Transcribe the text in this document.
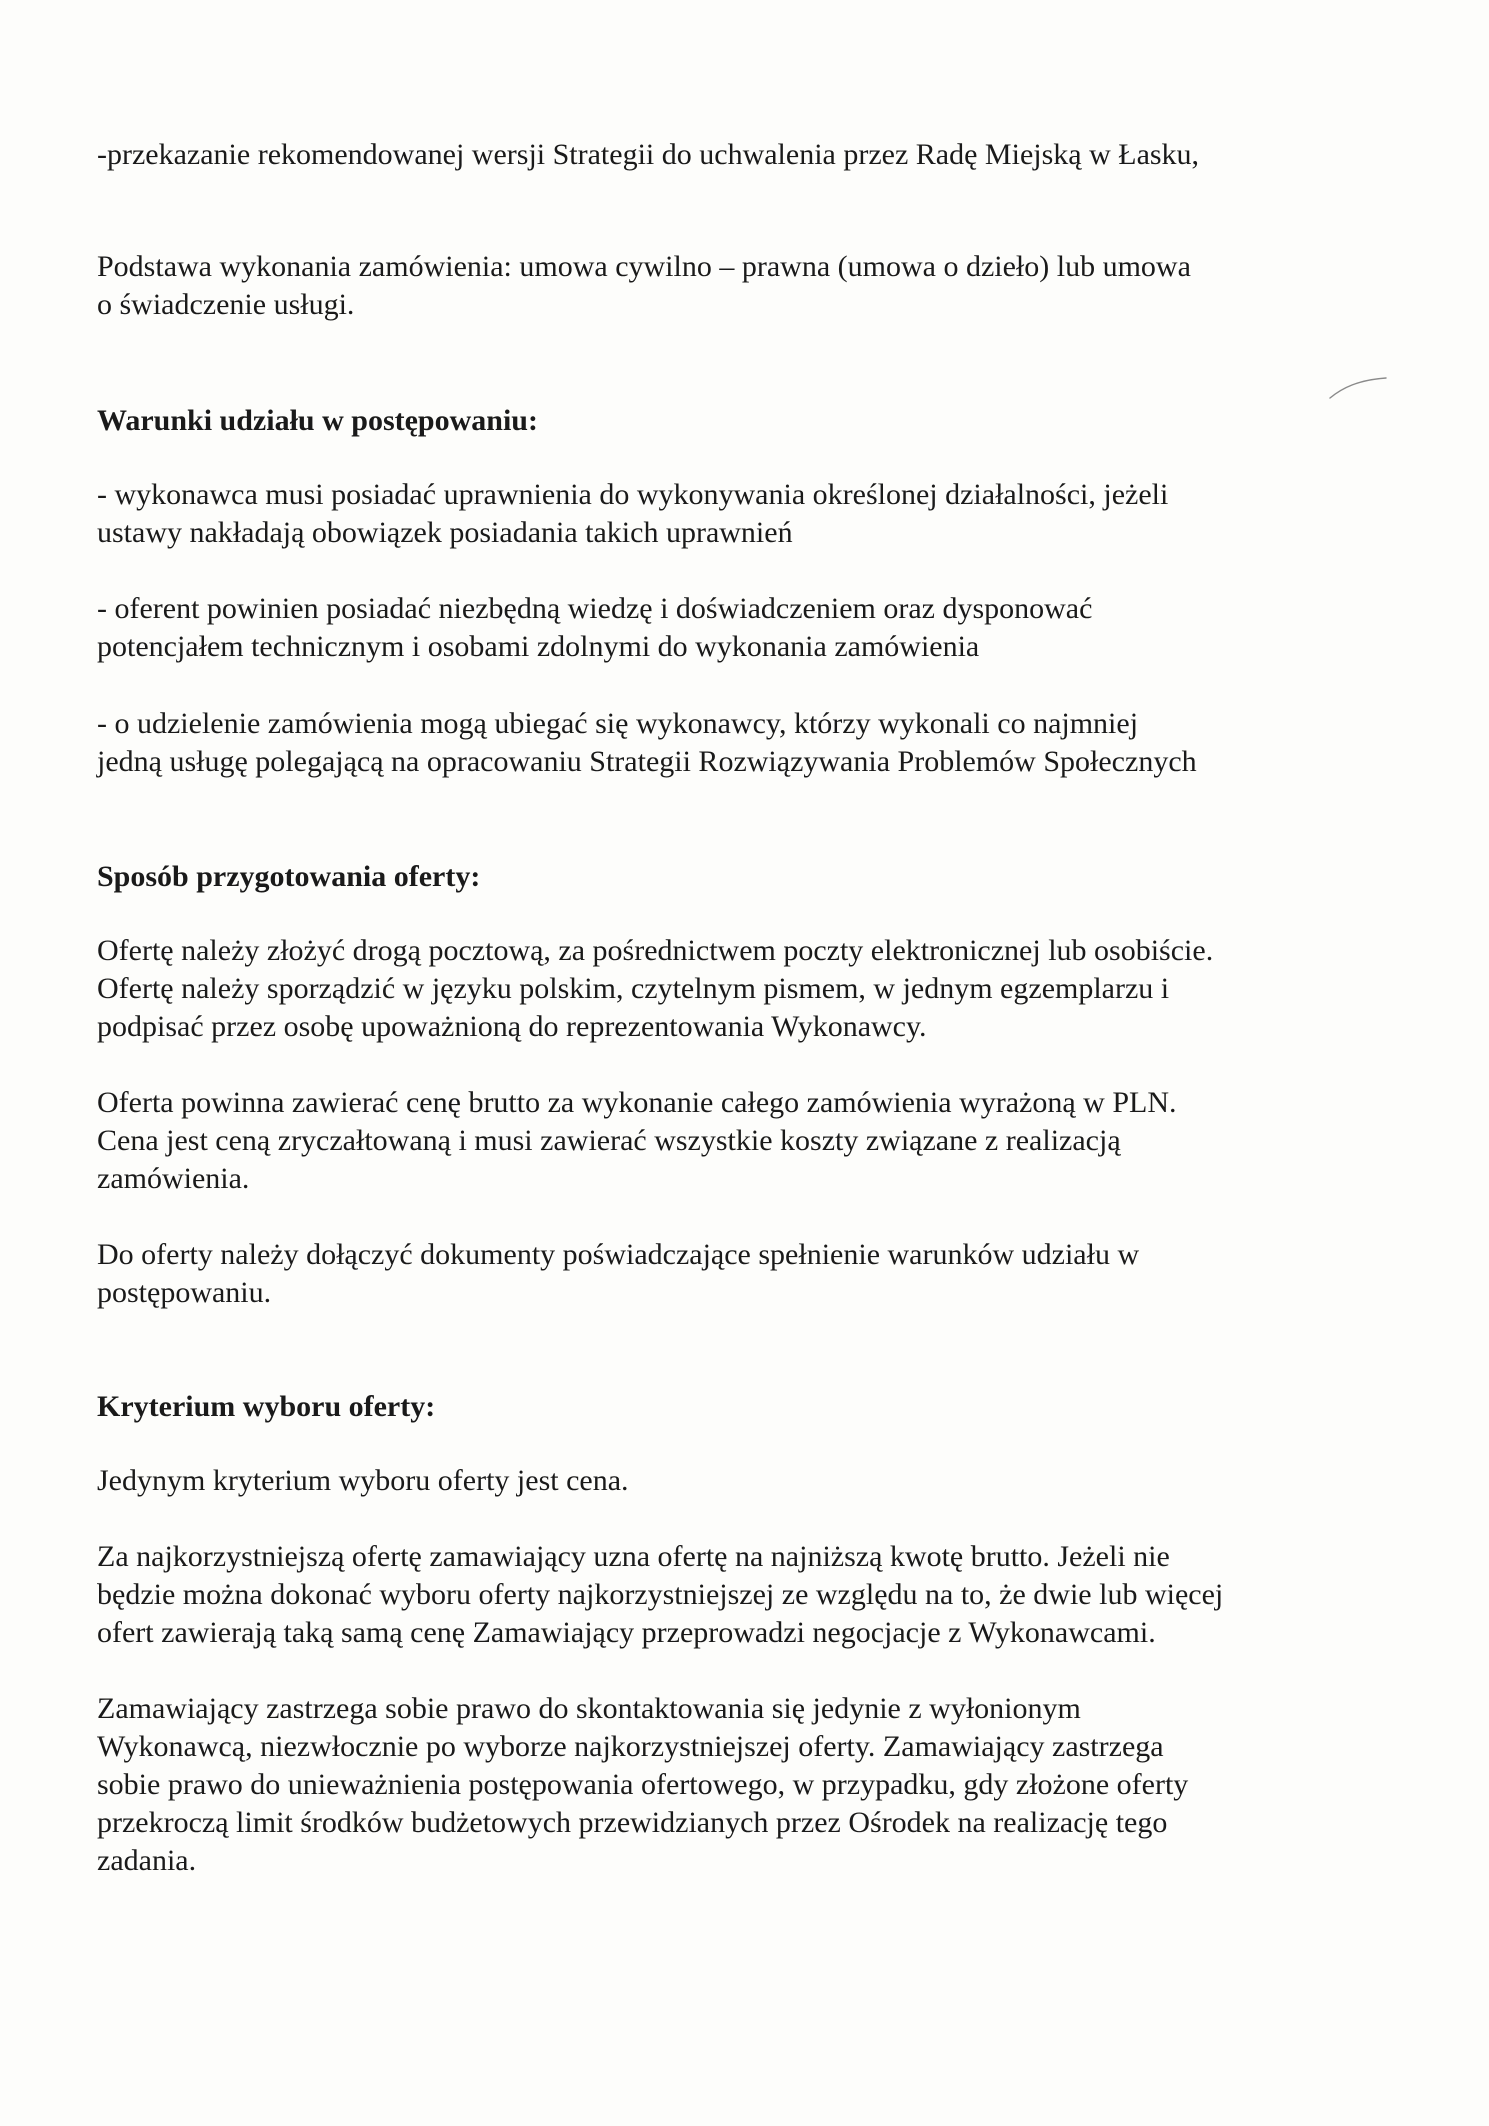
-przekazanie rekomendowanej wersji Strategii do uchwalenia przez Radę Miejską w Łasku,

Podstawa wykonania zamówienia: umowa cywilno – prawna (umowa o dzieło) lub umowa
o świadczenie usługi.

Warunki udziału w postępowaniu:

- wykonawca musi posiadać uprawnienia do wykonywania określonej działalności, jeżeli
ustawy nakładają obowiązek posiadania takich uprawnień

- oferent powinien posiadać niezbędną wiedzę i doświadczeniem oraz dysponować
potencjałem technicznym i osobami zdolnymi do wykonania zamówienia

- o udzielenie zamówienia mogą ubiegać się wykonawcy, którzy wykonali co najmniej
jedną usługę polegającą na opracowaniu Strategii Rozwiązywania Problemów Społecznych

Sposób przygotowania oferty:

Ofertę należy złożyć drogą pocztową, za pośrednictwem poczty elektronicznej lub osobiście.
Ofertę należy sporządzić w języku polskim, czytelnym pismem, w jednym egzemplarzu i
podpisać przez osobę upoważnioną do reprezentowania Wykonawcy.

Oferta powinna zawierać cenę brutto za wykonanie całego zamówienia wyrażoną w PLN.
Cena jest ceną zryczałtowaną i musi zawierać wszystkie koszty związane z realizacją
zamówienia.

Do oferty należy dołączyć dokumenty poświadczające spełnienie warunków udziału w
postępowaniu.

Kryterium wyboru oferty:

Jedynym kryterium wyboru oferty jest cena.

Za najkorzystniejszą ofertę zamawiający uzna ofertę na najniższą kwotę brutto. Jeżeli nie
będzie można dokonać wyboru oferty najkorzystniejszej ze względu na to, że dwie lub więcej
ofert zawierają taką samą cenę Zamawiający przeprowadzi negocjacje z Wykonawcami.

Zamawiający zastrzega sobie prawo do skontaktowania się jedynie z wyłonionym
Wykonawcą, niezwłocznie po wyborze najkorzystniejszej oferty. Zamawiający zastrzega
sobie prawo do unieważnienia postępowania ofertowego, w przypadku, gdy złożone oferty
przekroczą limit środków budżetowych przewidzianych przez Ośrodek na realizację tego
zadania.
